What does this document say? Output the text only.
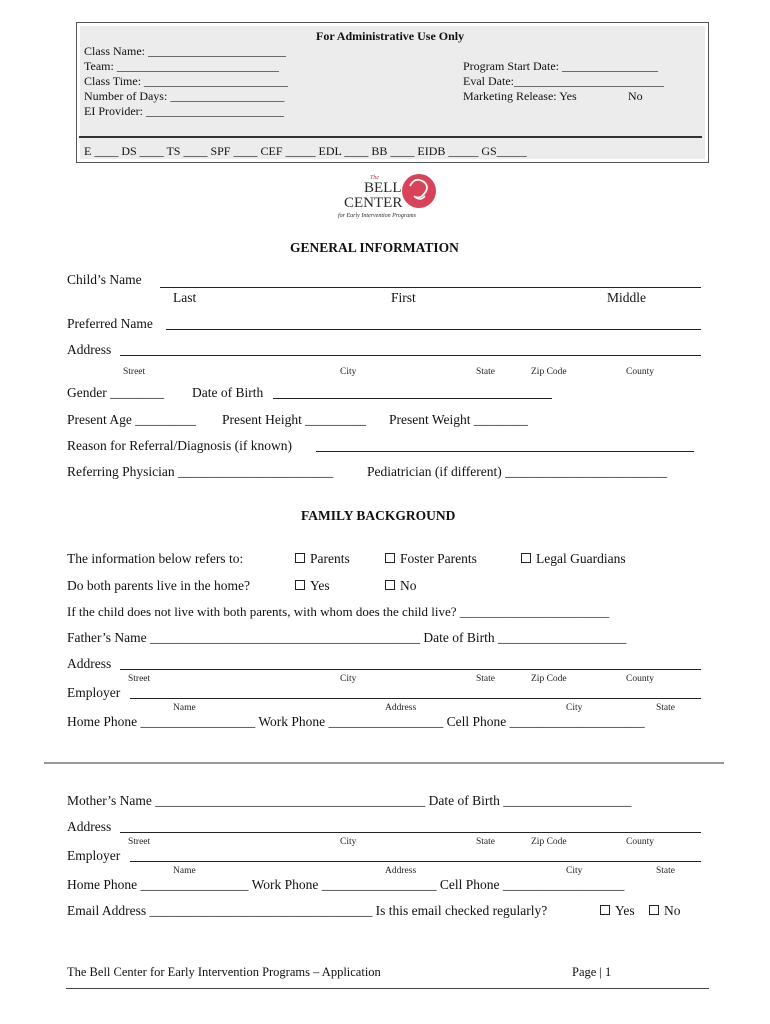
For Administrative Use Only
Class Name: _______________________
Team: ___________________________
Class Time: ________________________
Number of Days: ___________________
EI Provider: _______________________
Program Start Date: ________________
Eval Date:_________________________
Marketing Release: Yes	No
E ____ DS ____ TS ____ SPF ____ CEF _____ EDL ____ BB ____ EIDB _____ GS_____
The
BELL
CENTER
for Early Intervention Programs
GENERAL INFORMATION
Child’s Name
Last	First	Middle
Preferred Name
Address
Street	City	State	Zip Code	County
Gender ________ Date of Birth
Present Age _________ Present Height _________ Present Weight ________
Reason for Referral/Diagnosis (if known)
Referring Physician _______________________	Pediatrician (if different) ________________________
FAMILY BACKGROUND
The information below refers to:	Parents	Foster Parents	Legal Guardians
Do both parents live in the home?	Yes	No
If the child does not live with both parents, with whom does the child live? _______________________
Father’s Name ________________________________________ Date of Birth ___________________
Address
Street	City	State	Zip Code	County
Employer
Name	Address	City	State
Home Phone _________________ Work Phone _________________ Cell Phone ____________________
Mother’s Name ________________________________________ Date of Birth ___________________
Address
Street	City	State	Zip Code	County
Employer
Name	Address	City	State
Home Phone ________________ Work Phone _________________ Cell Phone __________________
Email Address _________________________________ Is this email checked regularly?	Yes	No
The Bell Center for Early Intervention Programs – Application	Page | 1
